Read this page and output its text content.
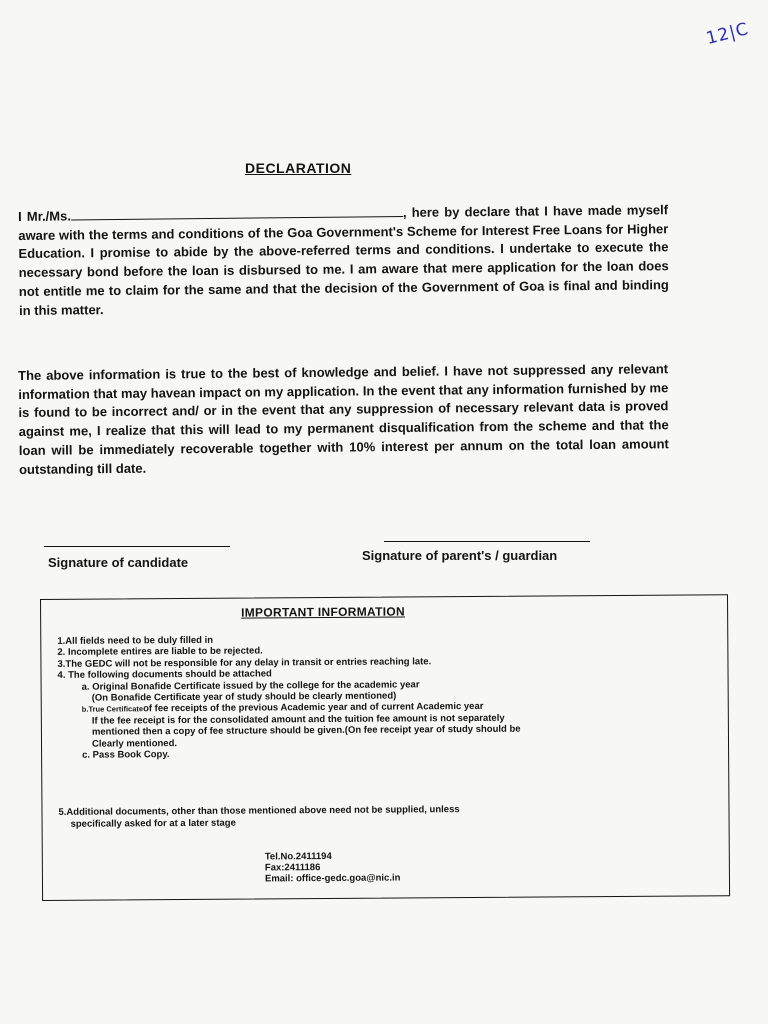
12|C
DECLARATION
I Mr./Ms.	, here by declare that I have made myself aware with the terms and conditions of the Goa Government's Scheme for Interest Free Loans for Higher Education. I promise to abide by the above-referred terms and conditions. I undertake to execute the necessary bond before the loan is disbursed to me. I am aware that mere application for the loan does not entitle me to claim for the same and that the decision of the Government of Goa is final and binding in this matter.
The above information is true to the best of knowledge and belief. I have not suppressed any relevant information that may havean impact on my application. In the event that any information furnished by me is found to be incorrect and/ or in the event that any suppression of necessary relevant data is proved against me, I realize that this will lead to my permanent disqualification from the scheme and that the loan will be immediately recoverable together with 10% interest per annum on the total loan amount outstanding till date.
Signature of candidate	Signature of parent's / guardian
IMPORTANT INFORMATION
1.All fields need to be duly filled in
2. Incomplete entires are liable to be rejected.
3.The GEDC will not be responsible for any delay in transit or entries reaching late.
4. The following documents should be attached
a. Original Bonafide Certificate issued by the college for the academic year
(On Bonafide Certificate year of study should be clearly mentioned)
b.True Certificateof fee receipts of the previous Academic year and of current Academic year
If the fee receipt is for the consolidated amount and the tuition fee amount is not separately
mentioned then a copy of fee structure should be given.(On fee receipt year of study should be
Clearly mentioned.
c. Pass Book Copy.
5.Additional documents, other than those mentioned above need not be supplied, unless
specifically asked for at a later stage
Tel.No.2411194
Fax:2411186
Email: office-gedc.goa@nic.in
